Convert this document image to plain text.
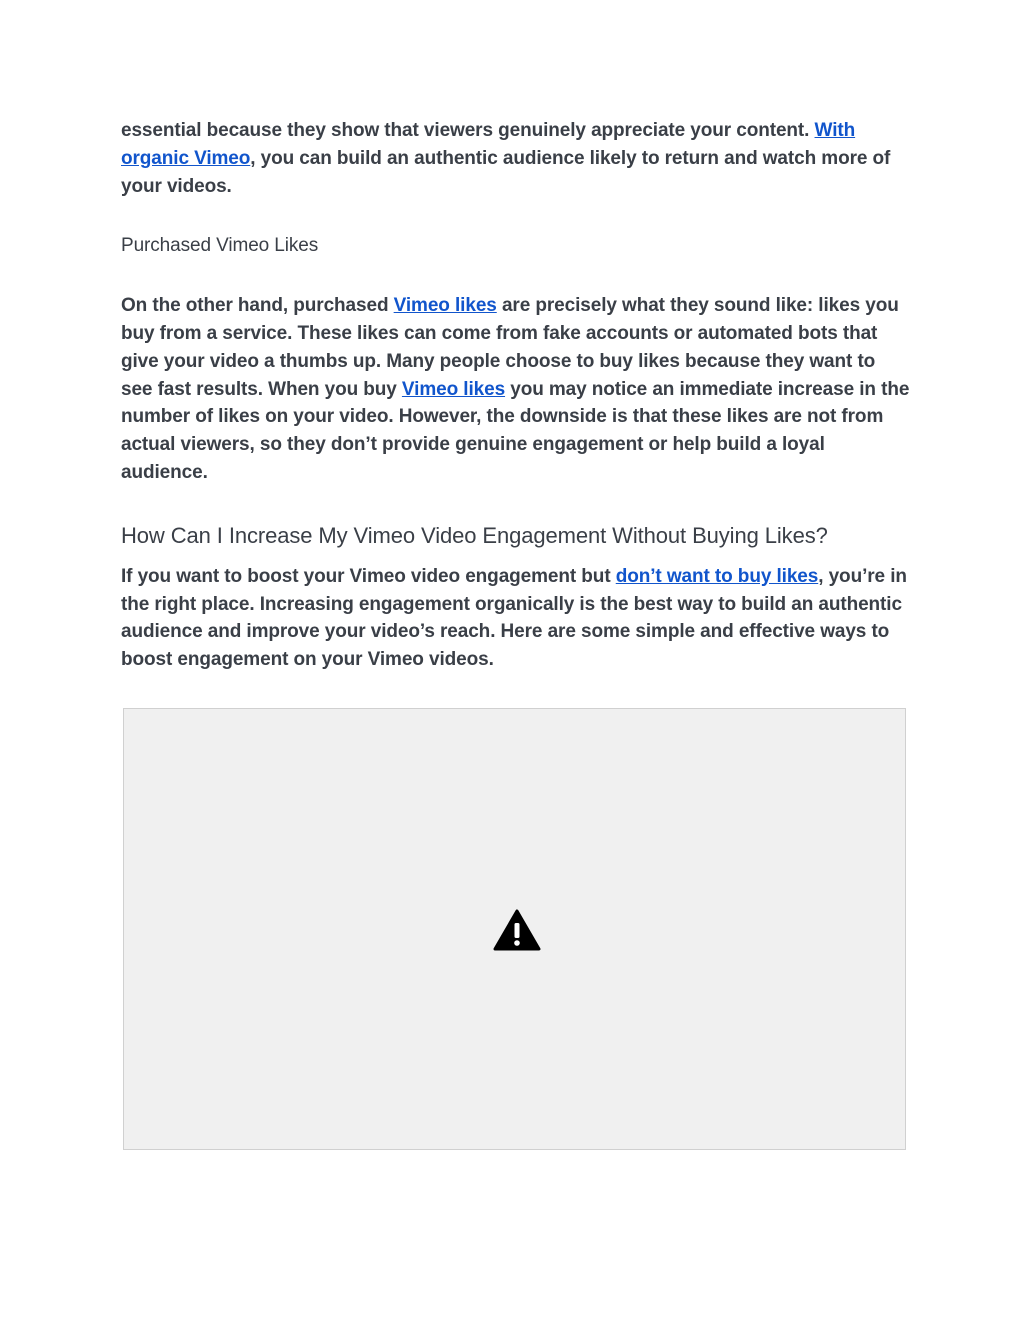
essential because they show that viewers genuinely appreciate your content. With organic Vimeo, you can build an authentic audience likely to return and watch more of your videos.

Purchased Vimeo Likes

On the other hand, purchased Vimeo likes are precisely what they sound like: likes you buy from a service. These likes can come from fake accounts or automated bots that give your video a thumbs up. Many people choose to buy likes because they want to see fast results. When you buy Vimeo likes you may notice an immediate increase in the number of likes on your video. However, the downside is that these likes are not from actual viewers, so they don’t provide genuine engagement or help build a loyal audience.

How Can I Increase My Vimeo Video Engagement Without Buying Likes?

If you want to boost your Vimeo video engagement but don’t want to buy likes, you’re in the right place. Increasing engagement organically is the best way to build an authentic audience and improve your video’s reach. Here are some simple and effective ways to boost engagement on your Vimeo videos.
